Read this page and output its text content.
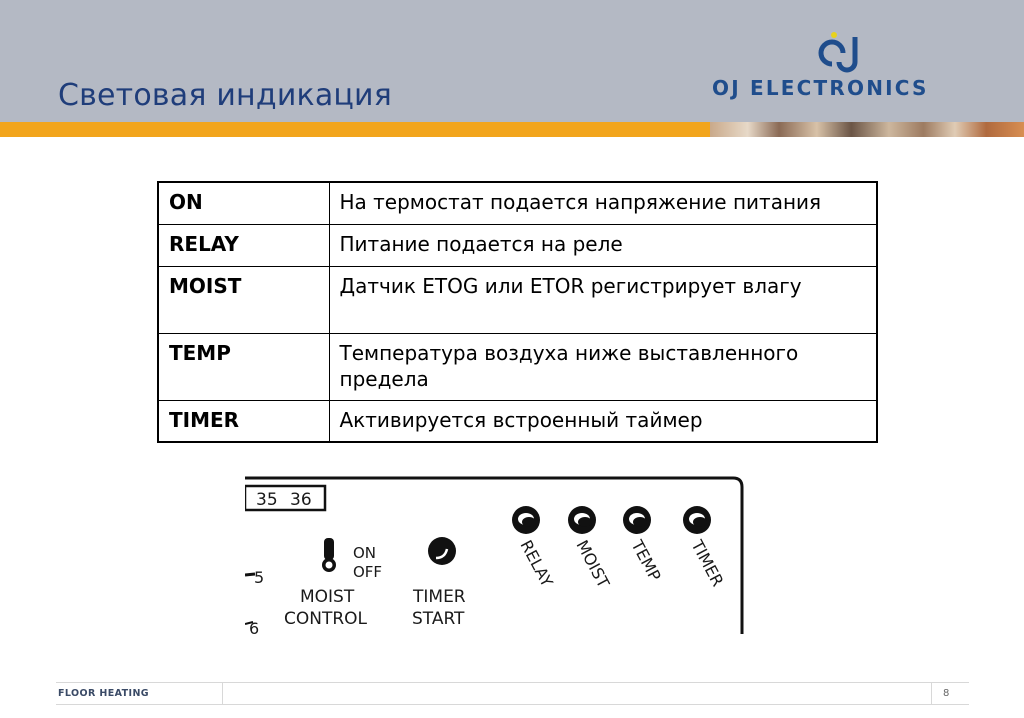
Световая индикация	OJ ELECTRONICS
ON	На термостат подается напряжение питания
RELAY	Питание подается на реле
MOIST	Датчик ETOG или ETOR регистрирует влагу
TEMP	Температура воздуха ниже выставленного предела
TIMER	Активируется встроенный таймер
35 36
5
6
ON
OFF
MOIST
CONTROL
TIMER
START
RELAY MOIST TEMP TIMER
FLOOR HEATING	8
